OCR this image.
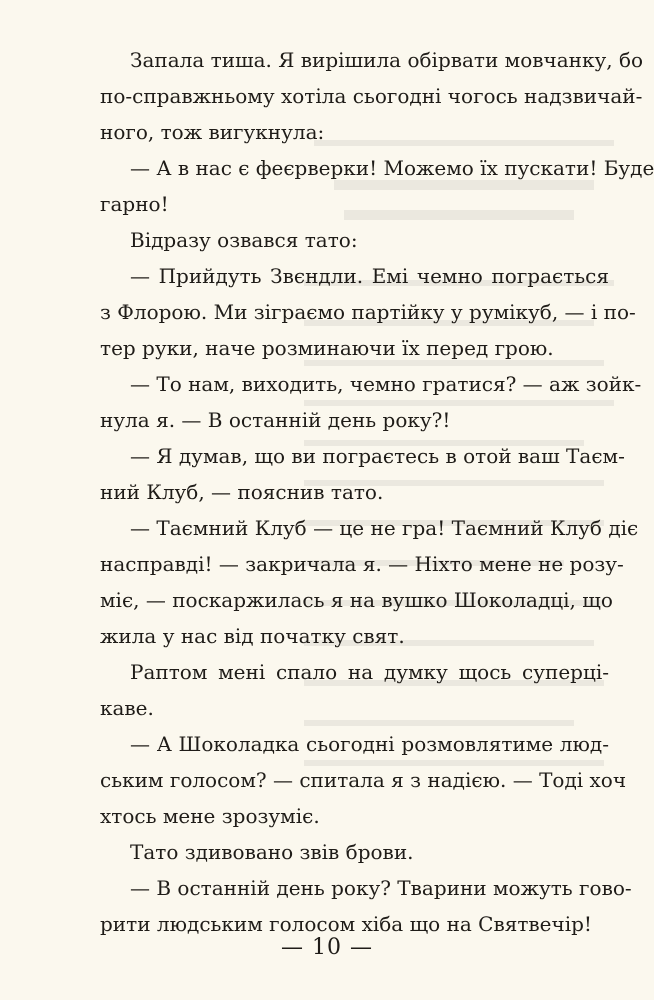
Запала тиша. Я вирішила обірвати мовчанку, бо
по-справжньому хотіла сьогодні чогось надзвичай-
ного, тож вигукнула:
— А в нас є феєрверки! Можемо їх пускати! Буде
гарно!
Відразу озвався тато:
— Прийдуть Звєндли. Емі чемно пограється
з Флорою. Ми зіграємо партійку у румікуб, — і по-
тер руки, наче розминаючи їх перед грою.
— То нам, виходить, чемно гратися? — аж зойк-
нула я. — В останній день року?!
— Я думав, що ви пограєтесь в отой ваш Таєм-
ний Клуб, — пояснив тато.
— Таємний Клуб — це не гра! Таємний Клуб діє
насправді! — закричала я. — Ніхто мене не розу-
міє, — поскаржилась я на вушко Шоколадці, що
жила у нас від початку свят.
Раптом мені спало на думку щось суперці-
каве.
— А Шоколадка сьогодні розмовлятиме люд-
ським голосом? — спитала я з надією. — Тоді хоч
хтось мене зрозуміє.
Тато здивовано звів брови.
— В останній день року? Тварини можуть гово-
рити людським голосом хіба що на Святвечір!
— 10 —
